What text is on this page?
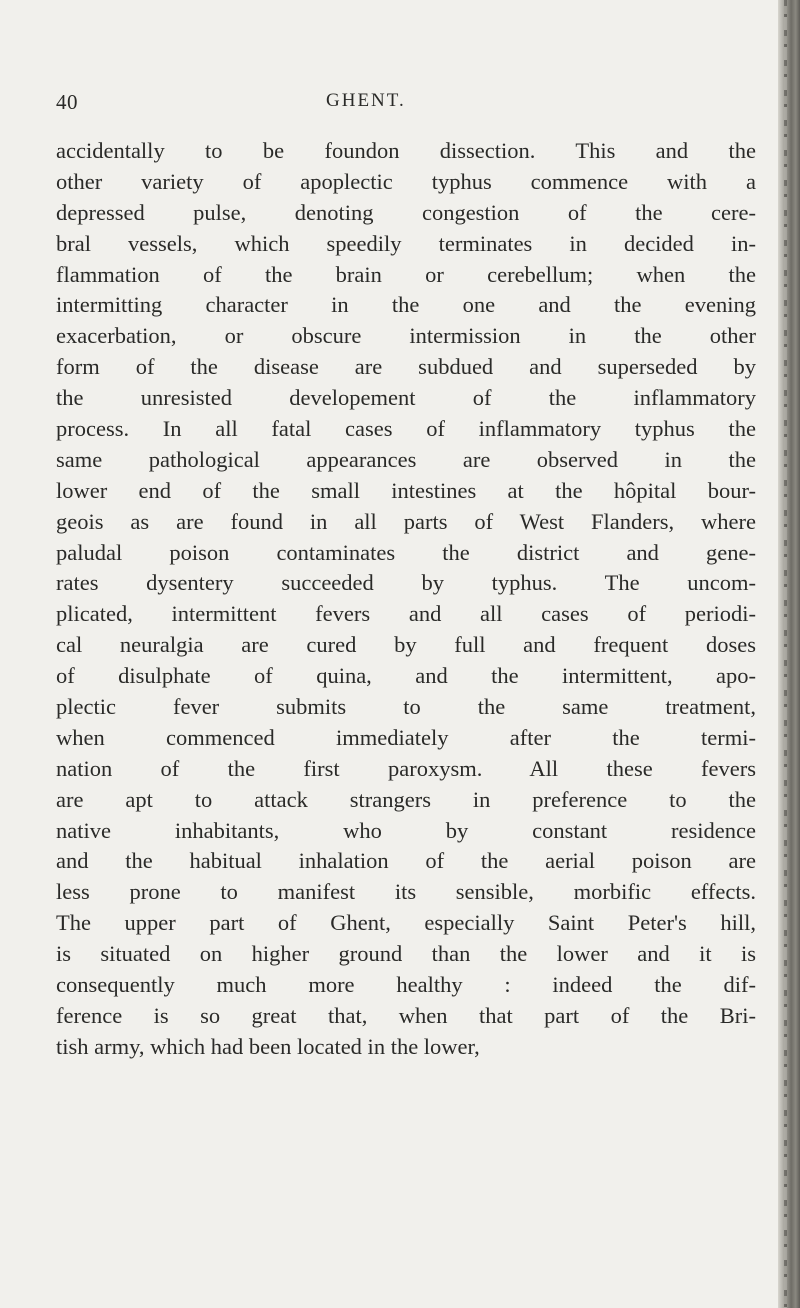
40	GHENT.
accidentally to be foundon dissection. This and the
other variety of apoplectic typhus commence with a
depressed pulse, denoting congestion of the cere-
bral vessels, which speedily terminates in decided in-
flammation of the brain or cerebellum; when the
intermitting character in the one and the evening
exacerbation, or obscure intermission in the other
form of the disease are subdued and superseded by
the unresisted developement of the inflammatory
process. In all fatal cases of inflammatory typhus the
same pathological appearances are observed in the
lower end of the small intestines at the hôpital bour-
geois as are found in all parts of West Flanders, where
paludal poison contaminates the district and gene-
rates dysentery succeeded by typhus. The uncom-
plicated, intermittent fevers and all cases of periodi-
cal neuralgia are cured by full and frequent doses
of disulphate of quina, and the intermittent, apo-
plectic fever submits to the same treatment,
when commenced immediately after the termi-
nation of the first paroxysm. All these fevers
are apt to attack strangers in preference to the
native inhabitants, who by constant residence
and the habitual inhalation of the aerial poison are
less prone to manifest its sensible, morbific effects.
The upper part of Ghent, especially Saint Peter's hill,
is situated on higher ground than the lower and it is
consequently much more healthy : indeed the dif-
ference is so great that, when that part of the Bri-
tish army, which had been located in the lower,
